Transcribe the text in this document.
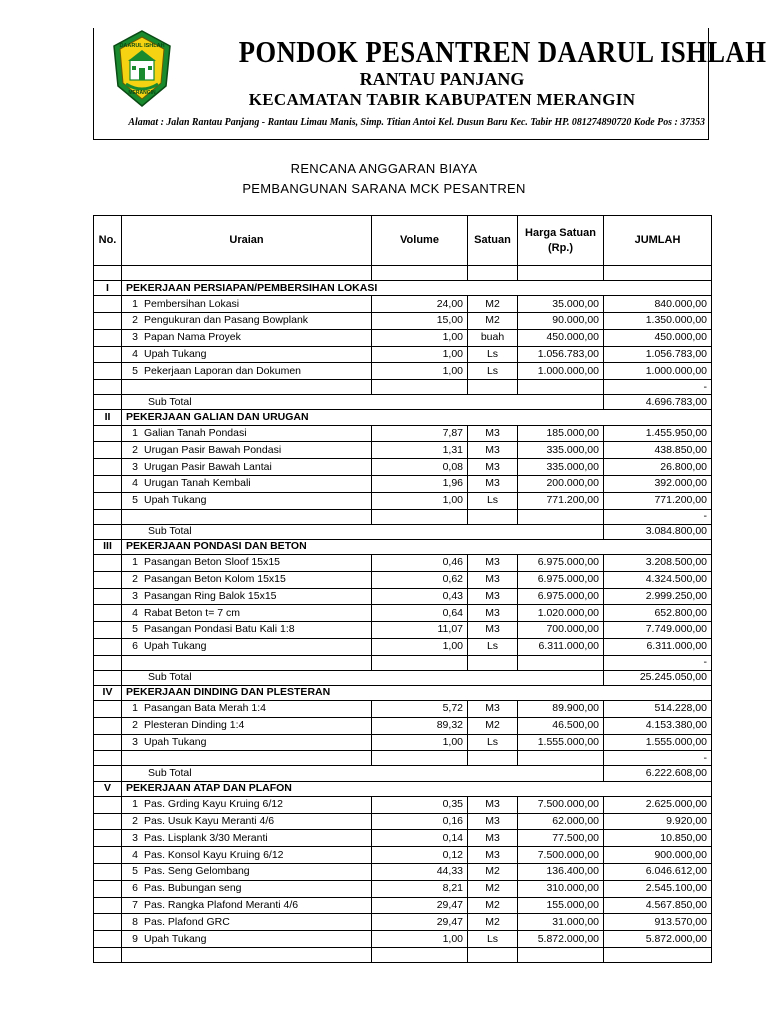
DAARUL ISHLAH
MERANGIN
PONDOK PESANTREN DAARUL ISHLAH
RANTAU PANJANG
KECAMATAN TABIR KABUPATEN MERANGIN
Alamat : Jalan Rantau Panjang - Rantau Limau Manis, Simp. Titian Antoi Kel. Dusun Baru Kec. Tabir HP. 081274890720 Kode Pos : 37353
RENCANA ANGGARAN BIAYA
PEMBANGUNAN SARANA MCK PESANTREN
No.	Uraian	Volume	Satuan	Harga Satuan (Rp.)	JUMLAH

I	PEKERJAAN PERSIAPAN/PEMBERSIHAN LOKASI				
	1 Pembersihan Lokasi	24,00	M2	35.000,00	840.000,00
	2 Pengukuran dan Pasang Bowplank	15,00	M2	90.000,00	1.350.000,00
	3 Papan Nama Proyek	1,00	buah	450.000,00	450.000,00
	4 Upah Tukang	1,00	Ls	1.056.783,00	1.056.783,00
	5 Pekerjaan Laporan dan Dokumen	1,00	Ls	1.000.000,00	1.000.000,00
					-
	Sub Total				4.696.783,00
II	PEKERJAAN GALIAN DAN URUGAN				
	1 Galian Tanah Pondasi	7,87	M3	185.000,00	1.455.950,00
	2 Urugan Pasir Bawah Pondasi	1,31	M3	335.000,00	438.850,00
	3 Urugan Pasir Bawah Lantai	0,08	M3	335.000,00	26.800,00
	4 Urugan Tanah Kembali	1,96	M3	200.000,00	392.000,00
	5 Upah Tukang	1,00	Ls	771.200,00	771.200,00
					-
	Sub Total				3.084.800,00
III	PEKERJAAN PONDASI DAN BETON				
	1 Pasangan Beton Sloof 15x15	0,46	M3	6.975.000,00	3.208.500,00
	2 Pasangan Beton Kolom 15x15	0,62	M3	6.975.000,00	4.324.500,00
	3 Pasangan Ring Balok 15x15	0,43	M3	6.975.000,00	2.999.250,00
	4 Rabat Beton t= 7 cm	0,64	M3	1.020.000,00	652.800,00
	5 Pasangan Pondasi Batu Kali 1:8	11,07	M3	700.000,00	7.749.000,00
	6 Upah Tukang	1,00	Ls	6.311.000,00	6.311.000,00
					-
	Sub Total				25.245.050,00
IV	PEKERJAAN DINDING DAN PLESTERAN				
	1 Pasangan Bata Merah 1:4	5,72	M3	89.900,00	514.228,00
	2 Plesteran Dinding 1:4	89,32	M2	46.500,00	4.153.380,00
	3 Upah Tukang	1,00	Ls	1.555.000,00	1.555.000,00
					-
	Sub Total				6.222.608,00
V	PEKERJAAN ATAP DAN PLAFON				
	1 Pas. Grding Kayu Kruing 6/12	0,35	M3	7.500.000,00	2.625.000,00
	2 Pas. Usuk Kayu Meranti 4/6	0,16	M3	62.000,00	9.920,00
	3 Pas. Lisplank 3/30 Meranti	0,14	M3	77.500,00	10.850,00
	4 Pas. Konsol Kayu Kruing 6/12	0,12	M3	7.500.000,00	900.000,00
	5 Pas. Seng Gelombang	44,33	M2	136.400,00	6.046.612,00
	6 Pas. Bubungan seng	8,21	M2	310.000,00	2.545.100,00
	7 Pas. Rangka Plafond Meranti 4/6	29,47	M2	155.000,00	4.567.850,00
	8 Pas. Plafond GRC	29,47	M2	31.000,00	913.570,00
	9 Upah Tukang	1,00	Ls	5.872.000,00	5.872.000,00
